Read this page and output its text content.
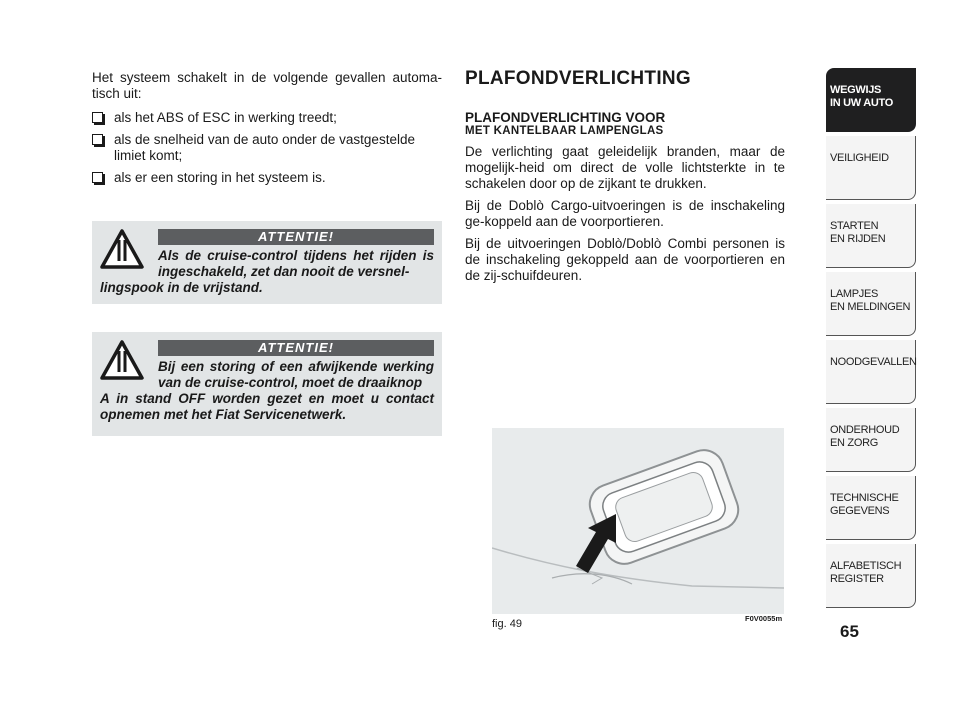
Het systeem schakelt in de volgende gevallen automa-tisch uit:

als het ABS of ESC in werking treedt;
als de snelheid van de auto onder de vastgestelde limiet komt;
als er een storing in het systeem is.
ATTENTIE!
Als de cruise-control tijdens het rijden is ingeschakeld, zet dan nooit de versnel-
lingspook in de vrijstand.
ATTENTIE!
Bij een storing of een afwijkende werking van de cruise-control, moet de draaiknop
A in stand OFF worden gezet en moet u contact opnemen met het Fiat Servicenetwerk.
PLAFONDVERLICHTING
PLAFONDVERLICHTING VOOR
MET KANTELBAAR LAMPENGLAS

De verlichting gaat geleidelijk branden, maar de mogelijk-heid om direct de volle lichtsterkte in te schakelen door op de zijkant te drukken.

Bij de Doblò Cargo-uitvoeringen is de inschakeling ge-koppeld aan de voorportieren.

Bij de uitvoeringen Doblò/Doblò Combi personen is de inschakeling gekoppeld aan de voorportieren en de zij-schuifdeuren.

fig. 49	F0V0055m
WEGWIJS
IN UW AUTO
VEILIGHEID
STARTEN
EN RIJDEN
LAMPJES
EN MELDINGEN
NOODGEVALLEN
ONDERHOUD
EN ZORG
TECHNISCHE
GEGEVENS
ALFABETISCH
REGISTER
65
